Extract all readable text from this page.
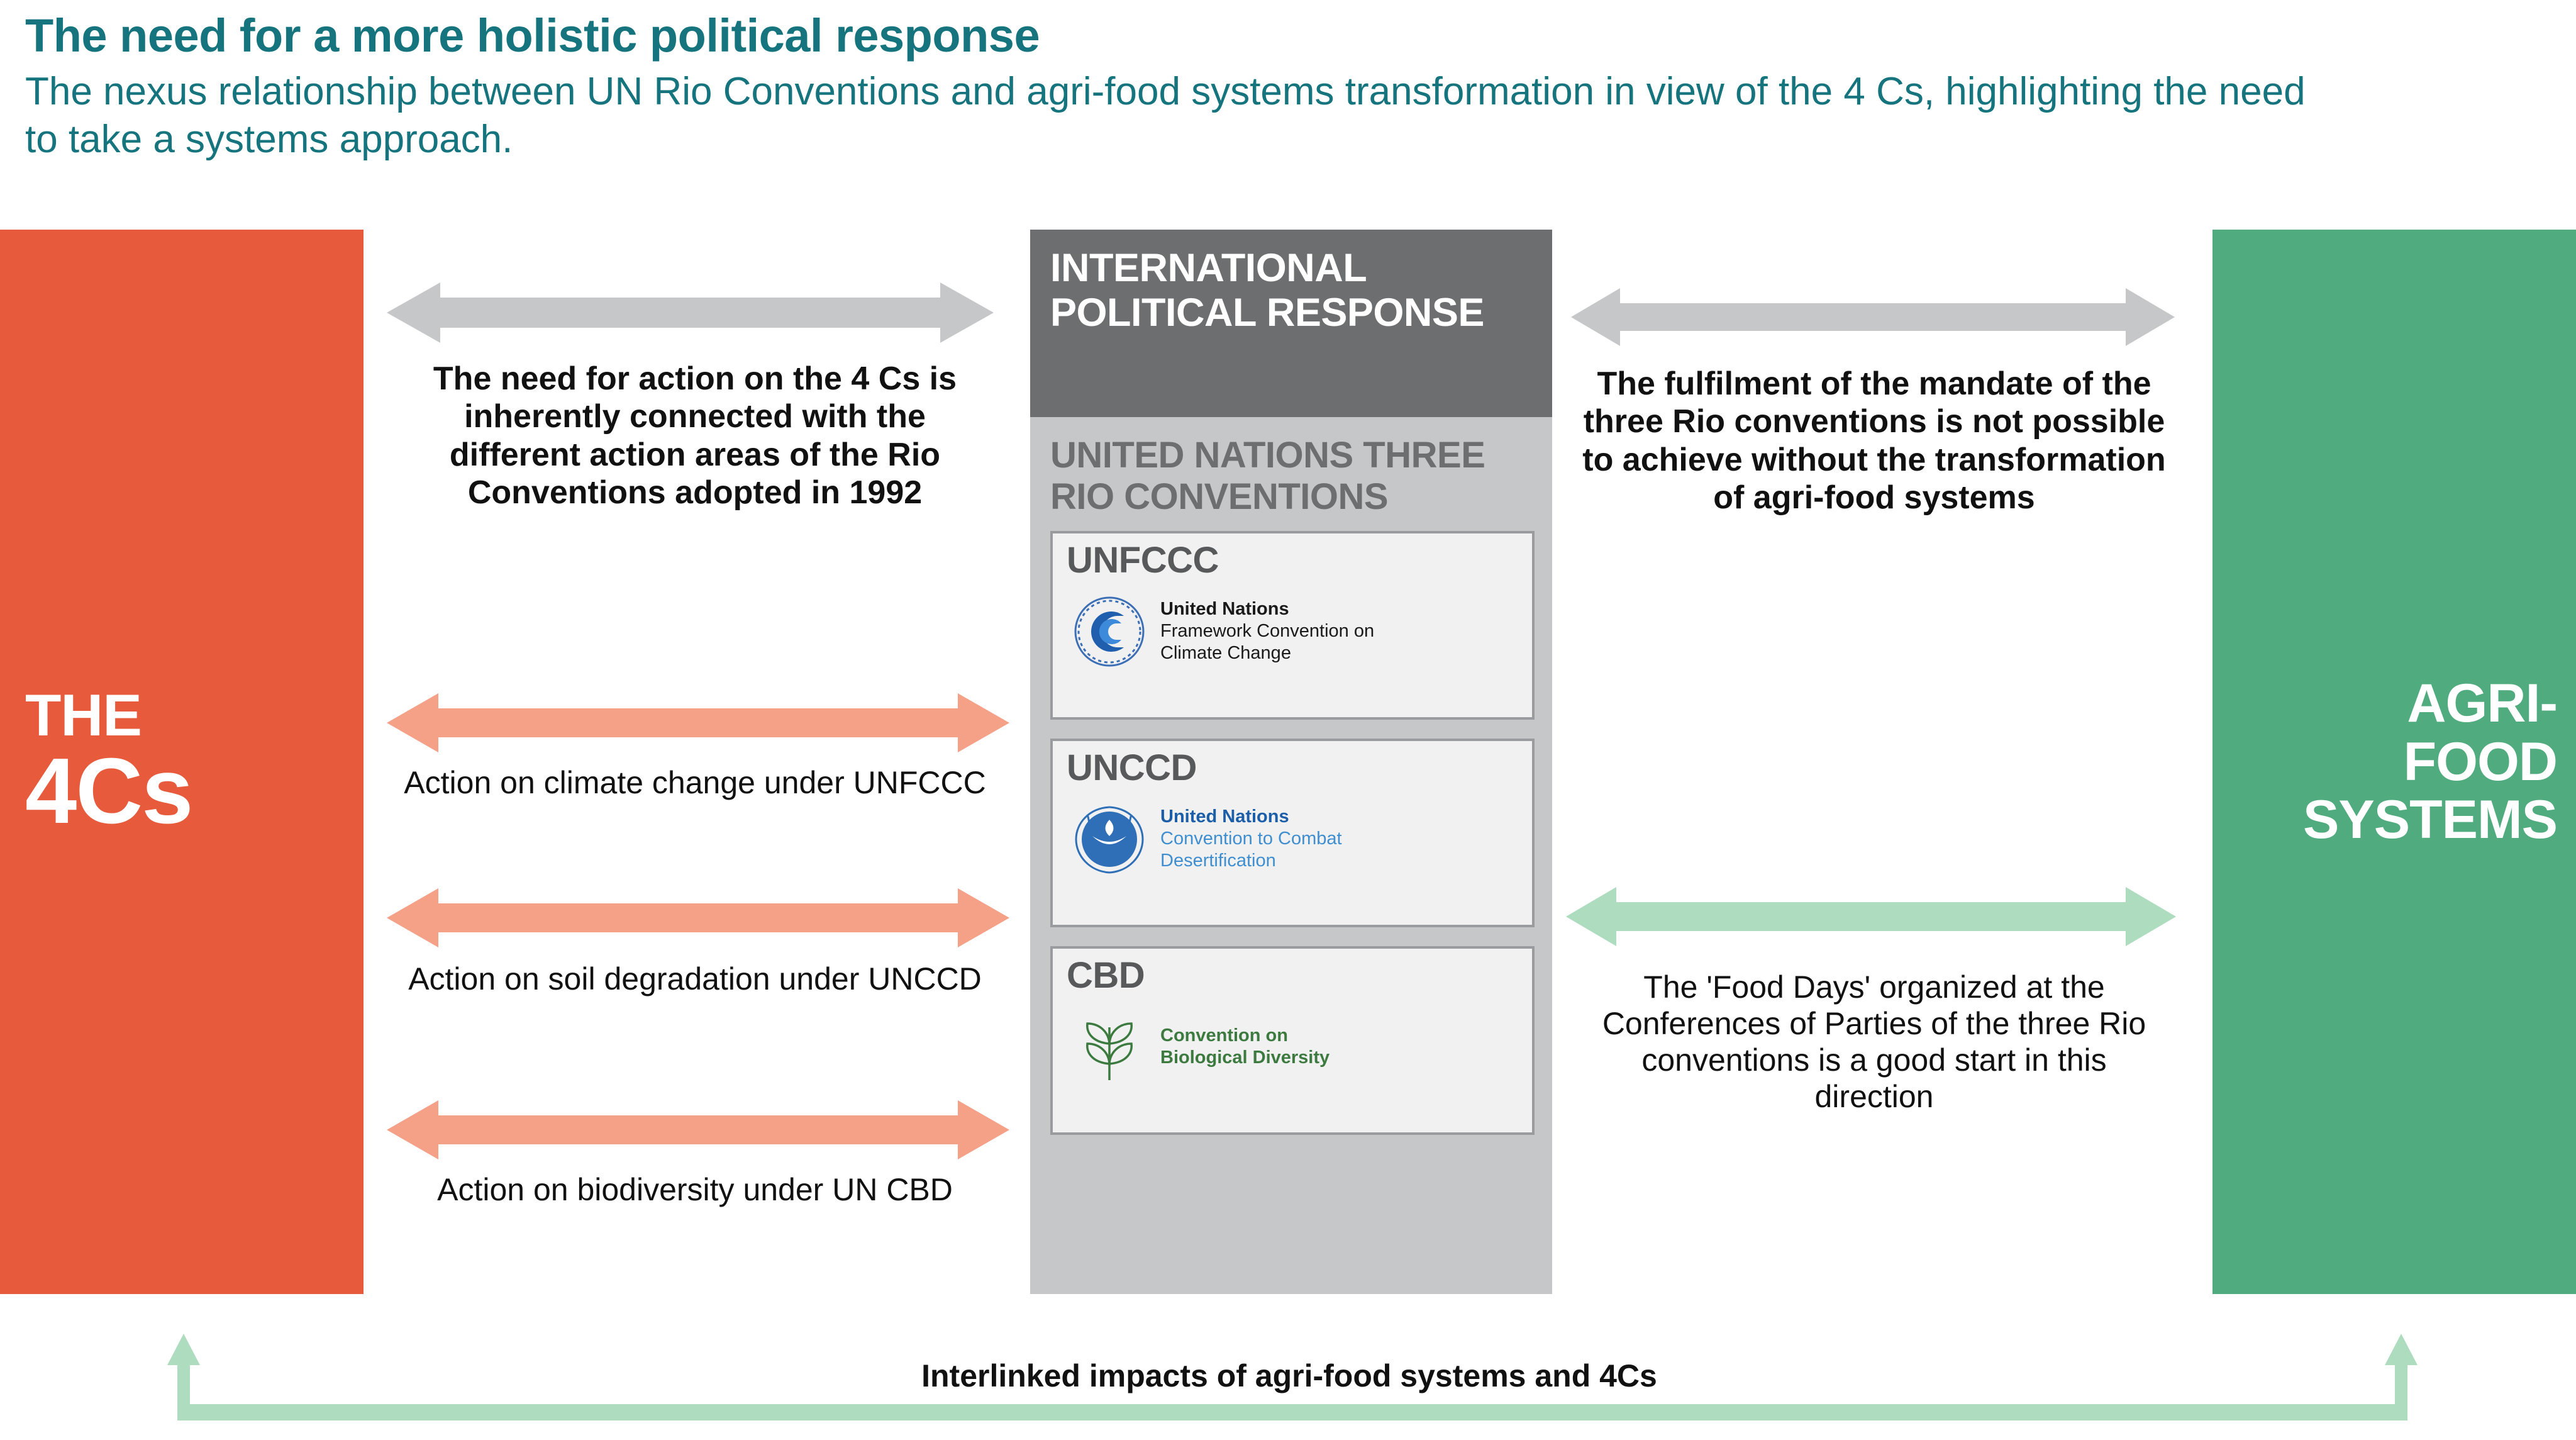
The need for a more holistic political response
The nexus relationship between UN Rio Conventions and agri-food systems transformation in view of the 4 Cs, highlighting the need to take a systems approach.
THE
4Cs
AGRI-
FOOD
SYSTEMS
INTERNATIONAL POLITICAL RESPONSE
UNITED NATIONS THREE RIO CONVENTIONS
UNFCCC
United Nations
Framework Convention on
Climate Change
UNCCD
United Nations
Convention to Combat
Desertification
CBD
Convention on
Biological Diversity
The need for action on the 4 Cs is inherently connected with the different action areas of the Rio Conventions adopted in 1992
Action on climate change under UNFCCC
Action on soil degradation under UNCCD
Action on biodiversity under UN CBD
The fulfilment of the mandate of the three Rio conventions is not possible to achieve without the transformation of agri-food systems
The 'Food Days' organized at the Conferences of Parties of the three Rio conventions is a good start in this direction
Interlinked impacts of agri-food systems and 4Cs
